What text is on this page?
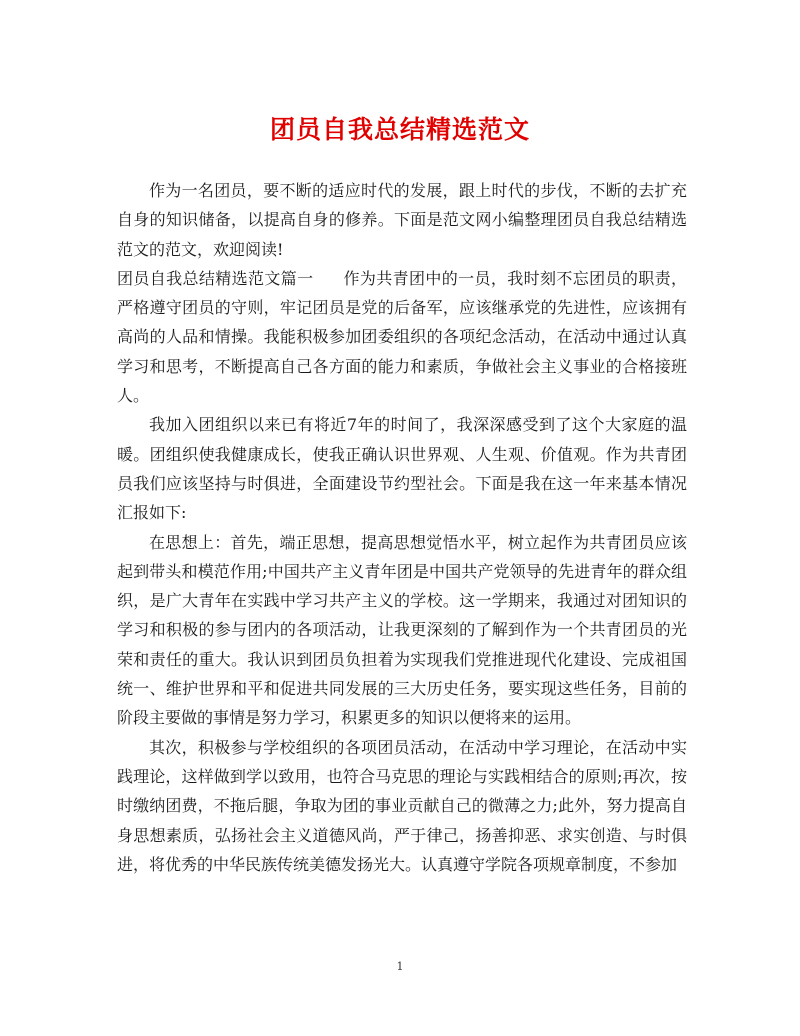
团员自我总结精选范文

作为一名团员，要不断的适应时代的发展，跟上时代的步伐，不断的去扩充自身的知识储备，以提高自身的修养。下面是范文网小编整理团员自我总结精选范文的范文，欢迎阅读!

团员自我总结精选范文篇一 作为共青团中的一员，我时刻不忘团员的职责，严格遵守团员的守则，牢记团员是党的后备军，应该继承党的先进性，应该拥有高尚的人品和情操。我能积极参加团委组织的各项纪念活动，在活动中通过认真学习和思考，不断提高自己各方面的能力和素质，争做社会主义事业的合格接班人。

我加入团组织以来已有将近7年的时间了，我深深感受到了这个大家庭的温暖。团组织使我健康成长，使我正确认识世界观、人生观、价值观。作为共青团员我们应该坚持与时俱进，全面建设节约型社会。下面是我在这一年来基本情况汇报如下:

在思想上：首先，端正思想，提高思想觉悟水平，树立起作为共青团员应该起到带头和模范作用;中国共产主义青年团是中国共产党领导的先进青年的群众组织，是广大青年在实践中学习共产主义的学校。这一学期来，我通过对团知识的学习和积极的参与团内的各项活动，让我更深刻的了解到作为一个共青团员的光荣和责任的重大。我认识到团员负担着为实现我们党推进现代化建设、完成祖国统一、维护世界和平和促进共同发展的三大历史任务，要实现这些任务，目前的阶段主要做的事情是努力学习，积累更多的知识以便将来的运用。

其次，积极参与学校组织的各项团员活动，在活动中学习理论，在活动中实践理论，这样做到学以致用，也符合马克思的理论与实践相结合的原则;再次，按时缴纳团费，不拖后腿，争取为团的事业贡献自己的微薄之力;此外，努力提高自身思想素质，弘扬社会主义道德风尚，严于律己，扬善抑恶、求实创造、与时俱进，将优秀的中华民族传统美德发扬光大。认真遵守学院各项规章制度，不参加

1
